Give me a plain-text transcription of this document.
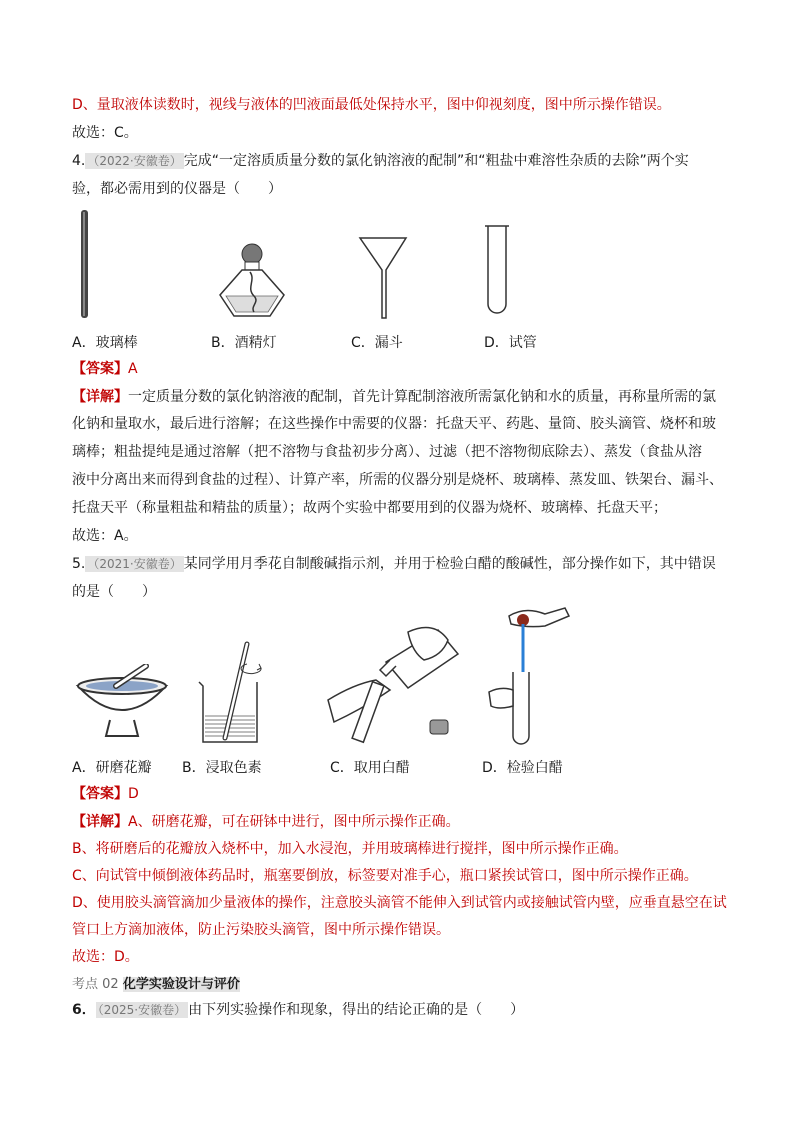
D、量取液体读数时，视线与液体的凹液面最低处保持水平，图中仰视刻度，图中所示操作错误。
故选：C。
4. （2022·安徽卷） 完成“一定溶质质量分数的氯化钠溶液的配制”和“粗盐中难溶性杂质的去除”两个实
验，都必需用到的仪器是（　　）
A．玻璃棒	B．酒精灯	C．漏斗	D．试管
【答案】A
【详解】一定质量分数的氯化钠溶液的配制，首先计算配制溶液所需氯化钠和水的质量，再称量所需的氯
化钠和量取水，最后进行溶解；在这些操作中需要的仪器：托盘天平、药匙、量筒、胶头滴管、烧杯和玻
璃棒；粗盐提纯是通过溶解（把不溶物与食盐初步分离）、过滤（把不溶物彻底除去）、蒸发（食盐从溶
液中分离出来而得到食盐的过程）、计算产率，所需的仪器分别是烧杯、玻璃棒、蒸发皿、铁架台、漏斗、
托盘天平（称量粗盐和精盐的质量）；故两个实验中都要用到的仪器为烧杯、玻璃棒、托盘天平；
故选：A。
5. （2021·安徽卷） 某同学用月季花自制酸碱指示剂，并用于检验白醋的酸碱性，部分操作如下，其中错误
的是（　　）
A．研磨花瓣 B．浸取色素	C．取用白醋	D．检验白醋
【答案】D
【详解】A、研磨花瓣，可在研钵中进行，图中所示操作正确。
B、将研磨后的花瓣放入烧杯中，加入水浸泡，并用玻璃棒进行搅拌，图中所示操作正确。
C、向试管中倾倒液体药品时，瓶塞要倒放，标签要对准手心，瓶口紧挨试管口，图中所示操作正确。
D、使用胶头滴管滴加少量液体的操作，注意胶头滴管不能伸入到试管内或接触试管内壁，应垂直悬空在试
管口上方滴加液体，防止污染胶头滴管，图中所示操作错误。
故选：D。
考点 02 化学实验设计与评价
6． （2025·安徽卷） 由下列实验操作和现象，得出的结论正确的是（　　）
